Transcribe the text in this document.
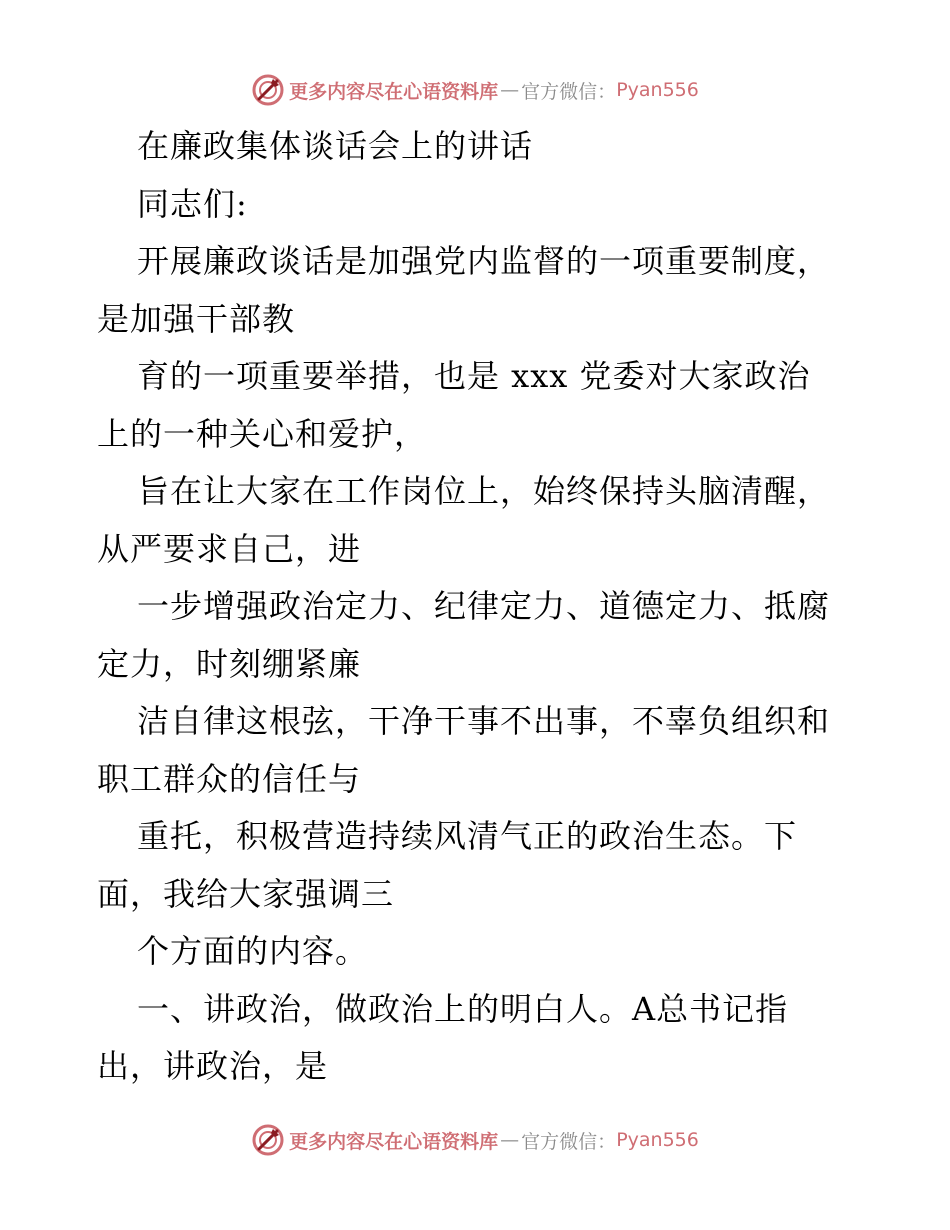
更多内容尽在心语资料库 — 官方微信： Pyan556
在廉政集体谈话会上的讲话
同志们:
开展廉政谈话是加强党内监督的一项重要制度，
是加强干部教
育的一项重要举措，也是 xxx 党委对大家政治
上的一种关心和爱护，
旨在让大家在工作岗位上，始终保持头脑清醒，
从严要求自己，进
一步增强政治定力、纪律定力、道德定力、抵腐
定力，时刻绷紧廉
洁自律这根弦，干净干事不出事，不辜负组织和
职工群众的信任与
重托，积极营造持续风清气正的政治生态。下
面，我给大家强调三
个方面的内容。
一、讲政治，做政治上的明白人。A总书记指
出，讲政治，是
更多内容尽在心语资料库 — 官方微信： Pyan556
